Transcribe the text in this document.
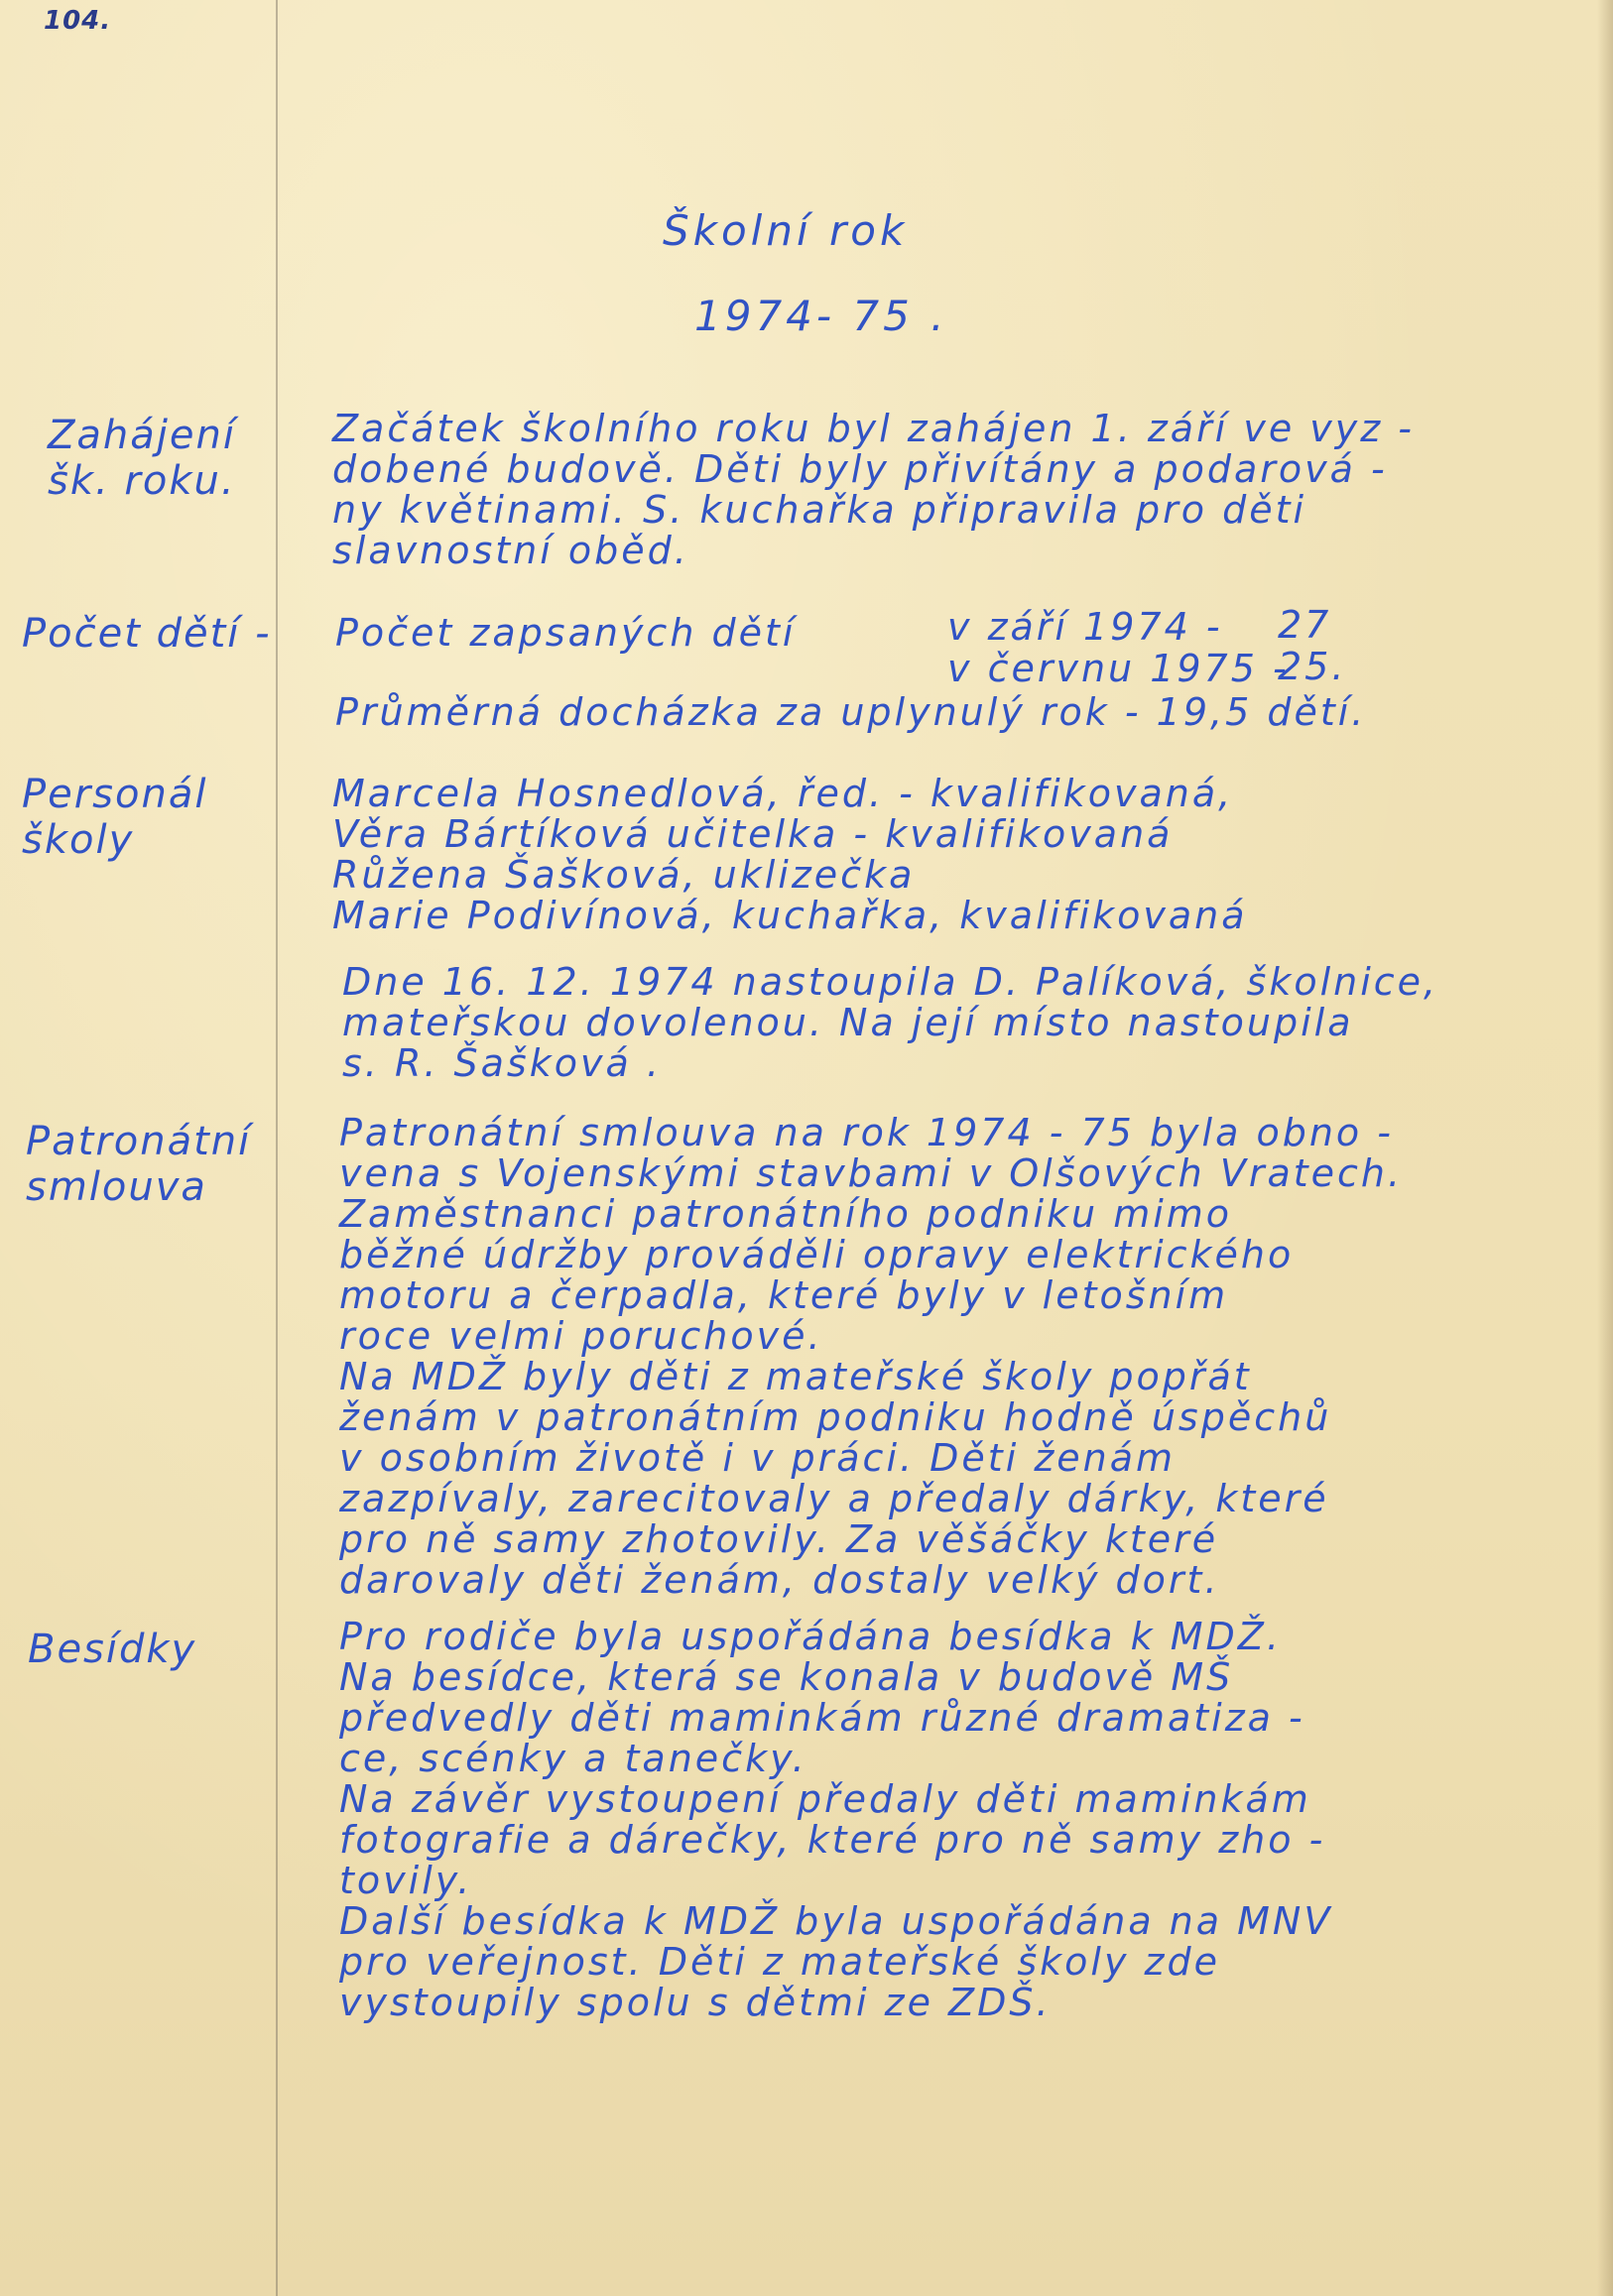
104.
Školní rok
1974- 75 .
Zahájení
šk. roku.
Začátek školního roku byl zahájen 1. září ve vyz -
dobené budově. Děti byly přivítány a podarová -
ny květinami. S. kuchařka připravila pro děti
slavnostní oběd.
Počet dětí - Počet zapsaných dětí	v září 1974 - 27
v červnu 1975 -
25.
Průměrná docházka za uplynulý rok - 19,5 dětí.
Personál
školy
Marcela Hosnedlová, řed. - kvalifikovaná,
Věra Bártíková učitelka - kvalifikovaná
Růžena Šašková, uklizečka
Marie Podivínová, kuchařka, kvalifikovaná
Dne 16. 12. 1974 nastoupila D. Palíková, školnice,
mateřskou dovolenou. Na její místo nastoupila
s. R. Šašková .
Patronátní
smlouva
Patronátní smlouva na rok 1974 - 75 byla obno -
vena s Vojenskými stavbami v Olšových Vratech.
Zaměstnanci patronátního podniku mimo
běžné údržby prováděli opravy elektrického
motoru a čerpadla, které byly v letošním
roce velmi poruchové.
Na MDŽ byly děti z mateřské školy popřát
ženám v patronátním podniku hodně úspěchů
v osobním životě i v práci. Děti ženám
zazpívaly, zarecitovaly a předaly dárky, které
pro ně samy zhotovily. Za věšáčky které
darovaly děti ženám, dostaly velký dort.
Besídky	Pro rodiče byla uspořádána besídka k MDŽ.
Na besídce, která se konala v budově MŠ
předvedly děti maminkám různé dramatiza -
ce, scénky a tanečky.
Na závěr vystoupení předaly děti maminkám
fotografie a dárečky, které pro ně samy zho -
tovily.
Další besídka k MDŽ byla uspořádána na MNV
pro veřejnost. Děti z mateřské školy zde
vystoupily spolu s dětmi ze ZDŠ.
